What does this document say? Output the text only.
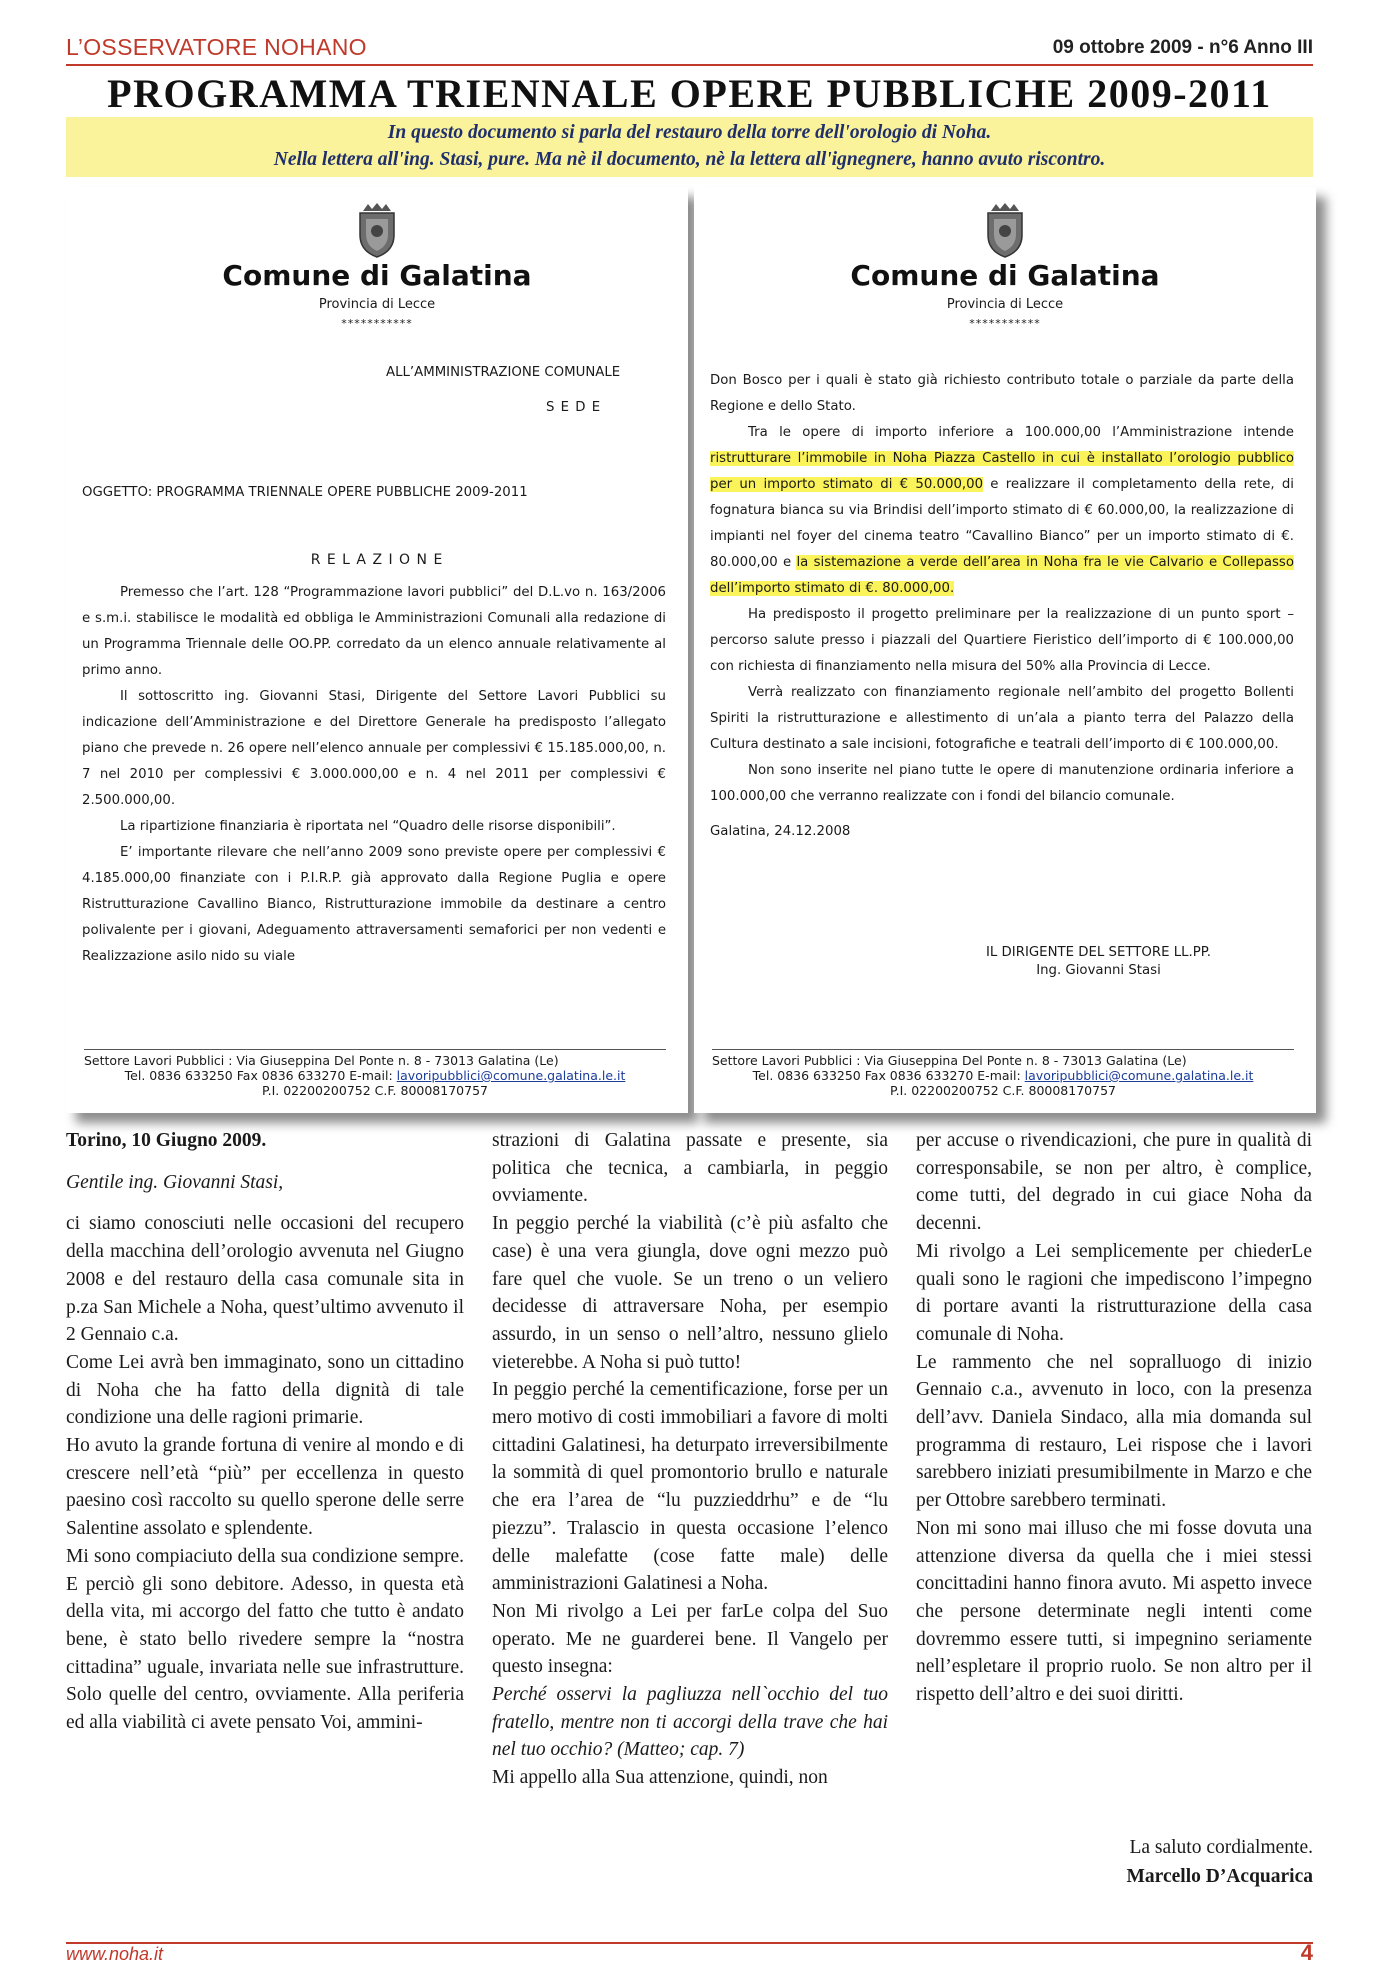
L’OSSERVATORE NOHANO	09 ottobre 2009 - n°6 Anno III
PROGRAMMA TRIENNALE OPERE PUBBLICHE 2009-2011
In questo documento si parla del restauro della torre dell'orologio di Noha.
Nella lettera all'ing. Stasi, pure. Ma nè il documento, nè la lettera all'ignegnere, hanno avuto riscontro.
Comune di Galatina
Provincia di Lecce
***********
ALL’AMMINISTRAZIONE COMUNALE
S E D E
OGGETTO: PROGRAMMA TRIENNALE OPERE PUBBLICHE 2009-2011
R E L A Z I O N E

Premesso che l’art. 128 “Programmazione lavori pubblici” del D.L.vo n. 163/2006 e s.m.i. stabilisce le modalità ed obbliga le Amministrazioni Comunali alla redazione di un Programma Triennale delle OO.PP. corredato da un elenco annuale relativamente al primo anno.

Il sottoscritto ing. Giovanni Stasi, Dirigente del Settore Lavori Pubblici su indicazione dell’Amministrazione e del Direttore Generale ha predisposto l’allegato piano che prevede n. 26 opere nell’elenco annuale per complessivi € 15.185.000,00, n. 7 nel 2010 per complessivi € 3.000.000,00 e n. 4 nel 2011 per complessivi € 2.500.000,00.

La ripartizione finanziaria è riportata nel “Quadro delle risorse disponibili”.

E’ importante rilevare che nell’anno 2009 sono previste opere per complessivi € 4.185.000,00 finanziate con i P.I.R.P. già approvato dalla Regione Puglia e opere Ristrutturazione Cavallino Bianco, Ristrutturazione immobile da destinare a centro polivalente per i giovani, Adeguamento attraversamenti semaforici per non vedenti e Realizzazione asilo nido su viale

Settore Lavori Pubblici : Via Giuseppina Del Ponte n. 8 - 73013 Galatina (Le)
Tel. 0836 633250 Fax 0836 633270 E-mail: lavoripubblici@comune.galatina.le.it
P.I. 02200200752 C.F. 80008170757
Comune di Galatina
Provincia di Lecce
***********

Don Bosco per i quali è stato già richiesto contributo totale o parziale da parte della Regione e dello Stato.

Tra le opere di importo inferiore a 100.000,00 l’Amministrazione intende ristrutturare l’immobile in Noha Piazza Castello in cui è installato l’orologio pubblico per un importo stimato di € 50.000,00 e realizzare il completamento della rete, di fognatura bianca su via Brindisi dell’importo stimato di € 60.000,00, la realizzazione di impianti nel foyer del cinema teatro “Cavallino Bianco” per un importo stimato di €. 80.000,00 e la sistemazione a verde dell’area in Noha fra le vie Calvario e Collepasso dell’importo stimato di €. 80.000,00.

Ha predisposto il progetto preliminare per la realizzazione di un punto sport – percorso salute presso i piazzali del Quartiere Fieristico dell’importo di € 100.000,00 con richiesta di finanziamento nella misura del 50% alla Provincia di Lecce.

Verrà realizzato con finanziamento regionale nell’ambito del progetto Bollenti Spiriti la ristrutturazione e allestimento di un’ala a pianto terra del Palazzo della Cultura destinato a sale incisioni, fotografiche e teatrali dell’importo di € 100.000,00.

Non sono inserite nel piano tutte le opere di manutenzione ordinaria inferiore a 100.000,00 che verranno realizzate con i fondi del bilancio comunale.

Galatina, 24.12.2008

IL DIRIGENTE DEL SETTORE LL.PP.
Ing. Giovanni Stasi
Settore Lavori Pubblici : Via Giuseppina Del Ponte n. 8 - 73013 Galatina (Le)
Tel. 0836 633250 Fax 0836 633270 E-mail: lavoripubblici@comune.galatina.le.it
P.I. 02200200752 C.F. 80008170757

Torino, 10 Giugno 2009.

Gentile ing. Giovanni Stasi,

ci siamo conosciuti nelle occasioni del recupero della macchina dell’orologio avvenuta nel Giugno 2008 e del restauro della casa comunale sita in p.za San Michele a Noha, quest’ultimo avvenuto il 2 Gennaio c.a.

Come Lei avrà ben immaginato, sono un cittadino di Noha che ha fatto della dignità di tale condizione una delle ragioni primarie.

Ho avuto la grande fortuna di venire al mondo e di crescere nell’età “più” per eccellenza in questo paesino così raccolto su quello sperone delle serre Salentine assolato e splendente.

Mi sono compiaciuto della sua condizione sempre. E perciò gli sono debitore. Adesso, in questa età della vita, mi accorgo del fatto che tutto è andato bene, è stato bello rivedere sempre la “nostra cittadina” uguale, invariata nelle sue infrastrutture. Solo quelle del centro, ovviamente. Alla periferia ed alla viabilità ci avete pensato Voi, ammini-

strazioni di Galatina passate e presente, sia politica che tecnica, a cambiarla, in peggio ovviamente.

In peggio perché la viabilità (c’è più asfalto che case) è una vera giungla, dove ogni mezzo può fare quel che vuole. Se un treno o un veliero decidesse di attraversare Noha, per esempio assurdo, in un senso o nell’altro, nessuno glielo vieterebbe. A Noha si può tutto!

In peggio perché la cementificazione, forse per un mero motivo di costi immobiliari a favore di molti cittadini Galatinesi, ha deturpato irreversibilmente la sommità di quel promontorio brullo e naturale che era l’area de “lu puzzieddrhu” e de “lu piezzu”. Tralascio in questa occasione l’elenco delle malefatte (cose fatte male) delle amministrazioni Galatinesi a Noha.

Non Mi rivolgo a Lei per farLe colpa del Suo operato. Me ne guarderei bene. Il Vangelo per questo insegna:

Perché osservi la pagliuzza nell`occhio del tuo fratello, mentre non ti accorgi della trave che hai nel tuo occhio? (Matteo; cap. 7)

Mi appello alla Sua attenzione, quindi, non

per accuse o rivendicazioni, che pure in qualità di corresponsabile, se non per altro, è complice, come tutti, del degrado in cui giace Noha da decenni.

Mi rivolgo a Lei semplicemente per chiederLe quali sono le ragioni che impediscono l’impegno di portare avanti la ristrutturazione della casa comunale di Noha.

Le rammento che nel sopralluogo di inizio Gennaio c.a., avvenuto in loco, con la presenza dell’avv. Daniela Sindaco, alla mia domanda sul programma di restauro, Lei rispose che i lavori sarebbero iniziati presumibilmente in Marzo e che per Ottobre sarebbero terminati.

Non mi sono mai illuso che mi fosse dovuta una attenzione diversa da quella che i miei stessi concittadini hanno finora avuto. Mi aspetto invece che persone determinate negli intenti come dovremmo essere tutti, si impegnino seriamente nell’espletare il proprio ruolo. Se non altro per il rispetto dell’altro e dei suoi diritti.

La saluto cordialmente.
Marcello D’Acquarica
www.noha.it	4
